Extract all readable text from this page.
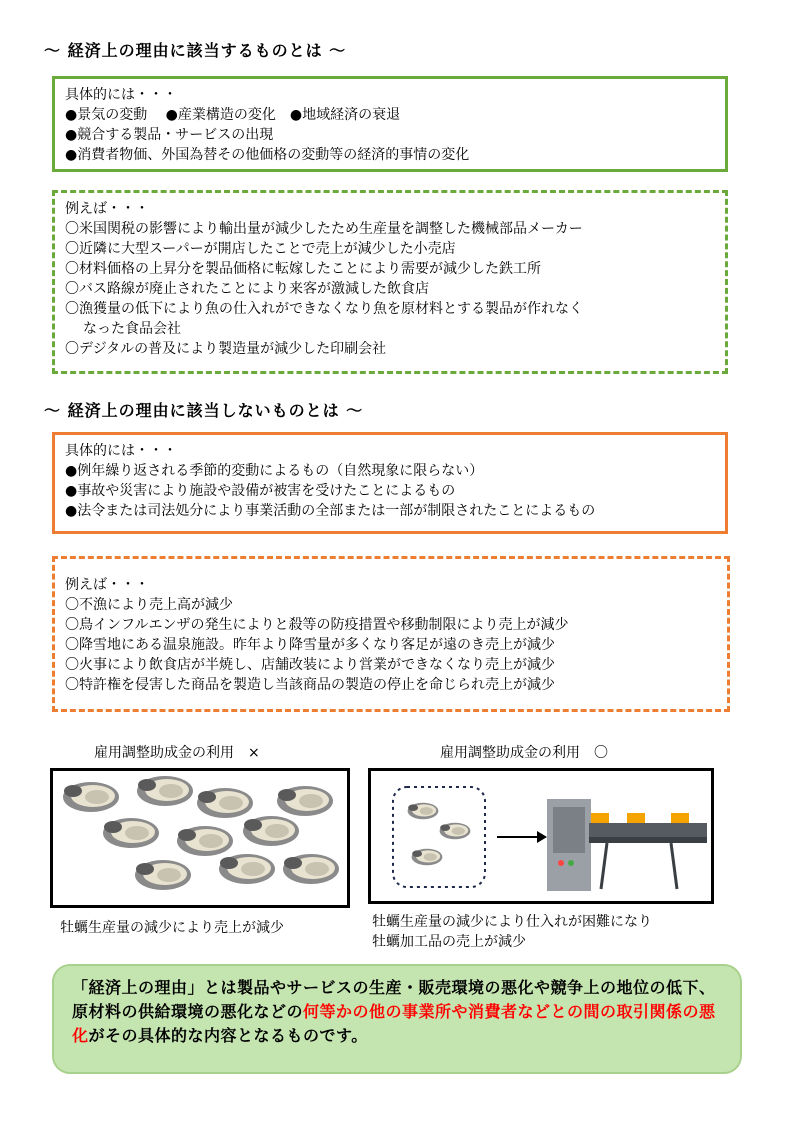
〜 経済上の理由に該当するものとは 〜
具体的には・・・
●景気の変動　 ●産業構造の変化　●地域経済の衰退
●競合する製品・サービスの出現
●消費者物価、外国為替その他価格の変動等の経済的事情の変化
例えば・・・
〇米国関税の影響により輸出量が減少したため生産量を調整した機械部品メーカー
〇近隣に大型スーパーが開店したことで売上が減少した小売店
〇材料価格の上昇分を製品価格に転嫁したことにより需要が減少した鉄工所
〇バス路線が廃止されたことにより来客が激減した飲食店
〇漁獲量の低下により魚の仕入れができなくなり魚を原材料とする製品が作れなく
なった食品会社
〇デジタルの普及により製造量が減少した印刷会社
〜 経済上の理由に該当しないものとは 〜
具体的には・・・
●例年繰り返される季節的変動によるもの（自然現象に限らない）
●事故や災害により施設や設備が被害を受けたことによるもの
●法令または司法処分により事業活動の全部または一部が制限されたことによるもの
例えば・・・
〇不漁により売上高が減少
〇鳥インフルエンザの発生によりと殺等の防疫措置や移動制限により売上が減少
〇降雪地にある温泉施設。昨年より降雪量が多くなり客足が遠のき売上が減少
〇火事により飲食店が半焼し、店舗改装により営業ができなくなり売上が減少
〇特許権を侵害した商品を製造し当該商品の製造の停止を命じられ売上が減少
雇用調整助成金の利用　×	雇用調整助成金の利用　〇
牡蠣生産量の減少により売上が減少	牡蠣生産量の減少により仕入れが困難になり
牡蠣加工品の売上が減少
「経済上の理由」とは製品やサービスの生産・販売環境の悪化や競争上の地位の低下、原材料の供給環境の悪化などの何等かの他の事業所や消費者などとの間の取引関係の悪化がその具体的な内容となるものです。
